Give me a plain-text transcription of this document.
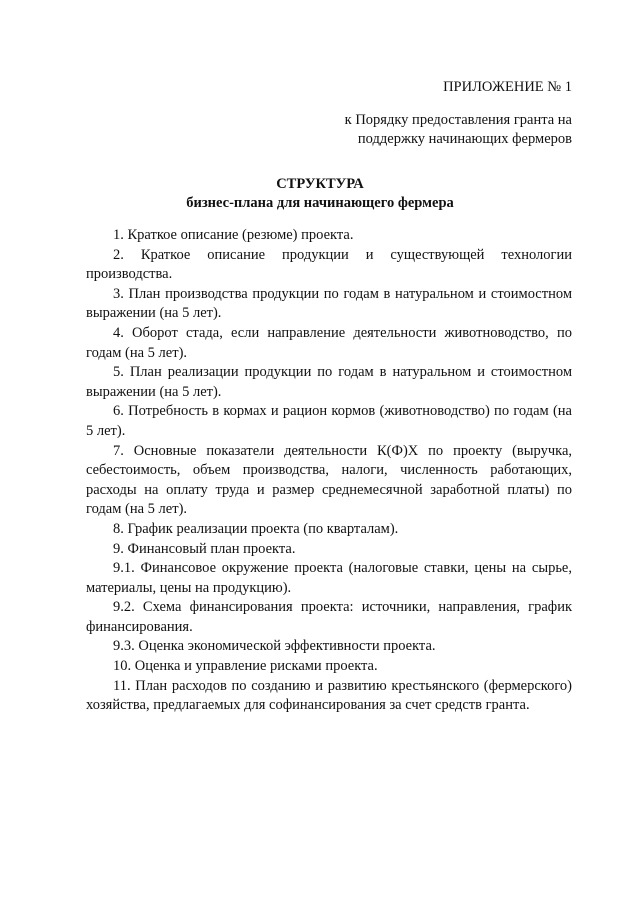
ПРИЛОЖЕНИЕ № 1
к Порядку предоставления гранта на
поддержку начинающих фермеров
СТРУКТУРА
бизнес-плана для начинающего фермера

1. Краткое описание (резюме) проекта.

2. Краткое описание продукции и существующей технологии производства.

3. План производства продукции по годам в натуральном и стоимостном выражении (на 5 лет).

4. Оборот стада, если направление деятельности животноводство, по годам (на 5 лет).

5. План реализации продукции по годам в натуральном и стоимостном выражении (на 5 лет).

6. Потребность в кормах и рацион кормов (животноводство) по годам (на 5 лет).

7. Основные показатели деятельности К(Ф)Х по проекту (выручка, себестоимость, объем производства, налоги, численность работающих, расходы на оплату труда и размер среднемесячной заработной платы) по годам (на 5 лет).

8. График реализации проекта (по кварталам).

9. Финансовый план проекта.

9.1. Финансовое окружение проекта (налоговые ставки, цены на сырье, материалы, цены на продукцию).

9.2. Схема финансирования проекта: источники, направления, график финансирования.

9.3. Оценка экономической эффективности проекта.

10. Оценка и управление рисками проекта.

11. План расходов по созданию и развитию крестьянского (фермерского) хозяйства, предлагаемых для софинансирования за счет средств гранта.
